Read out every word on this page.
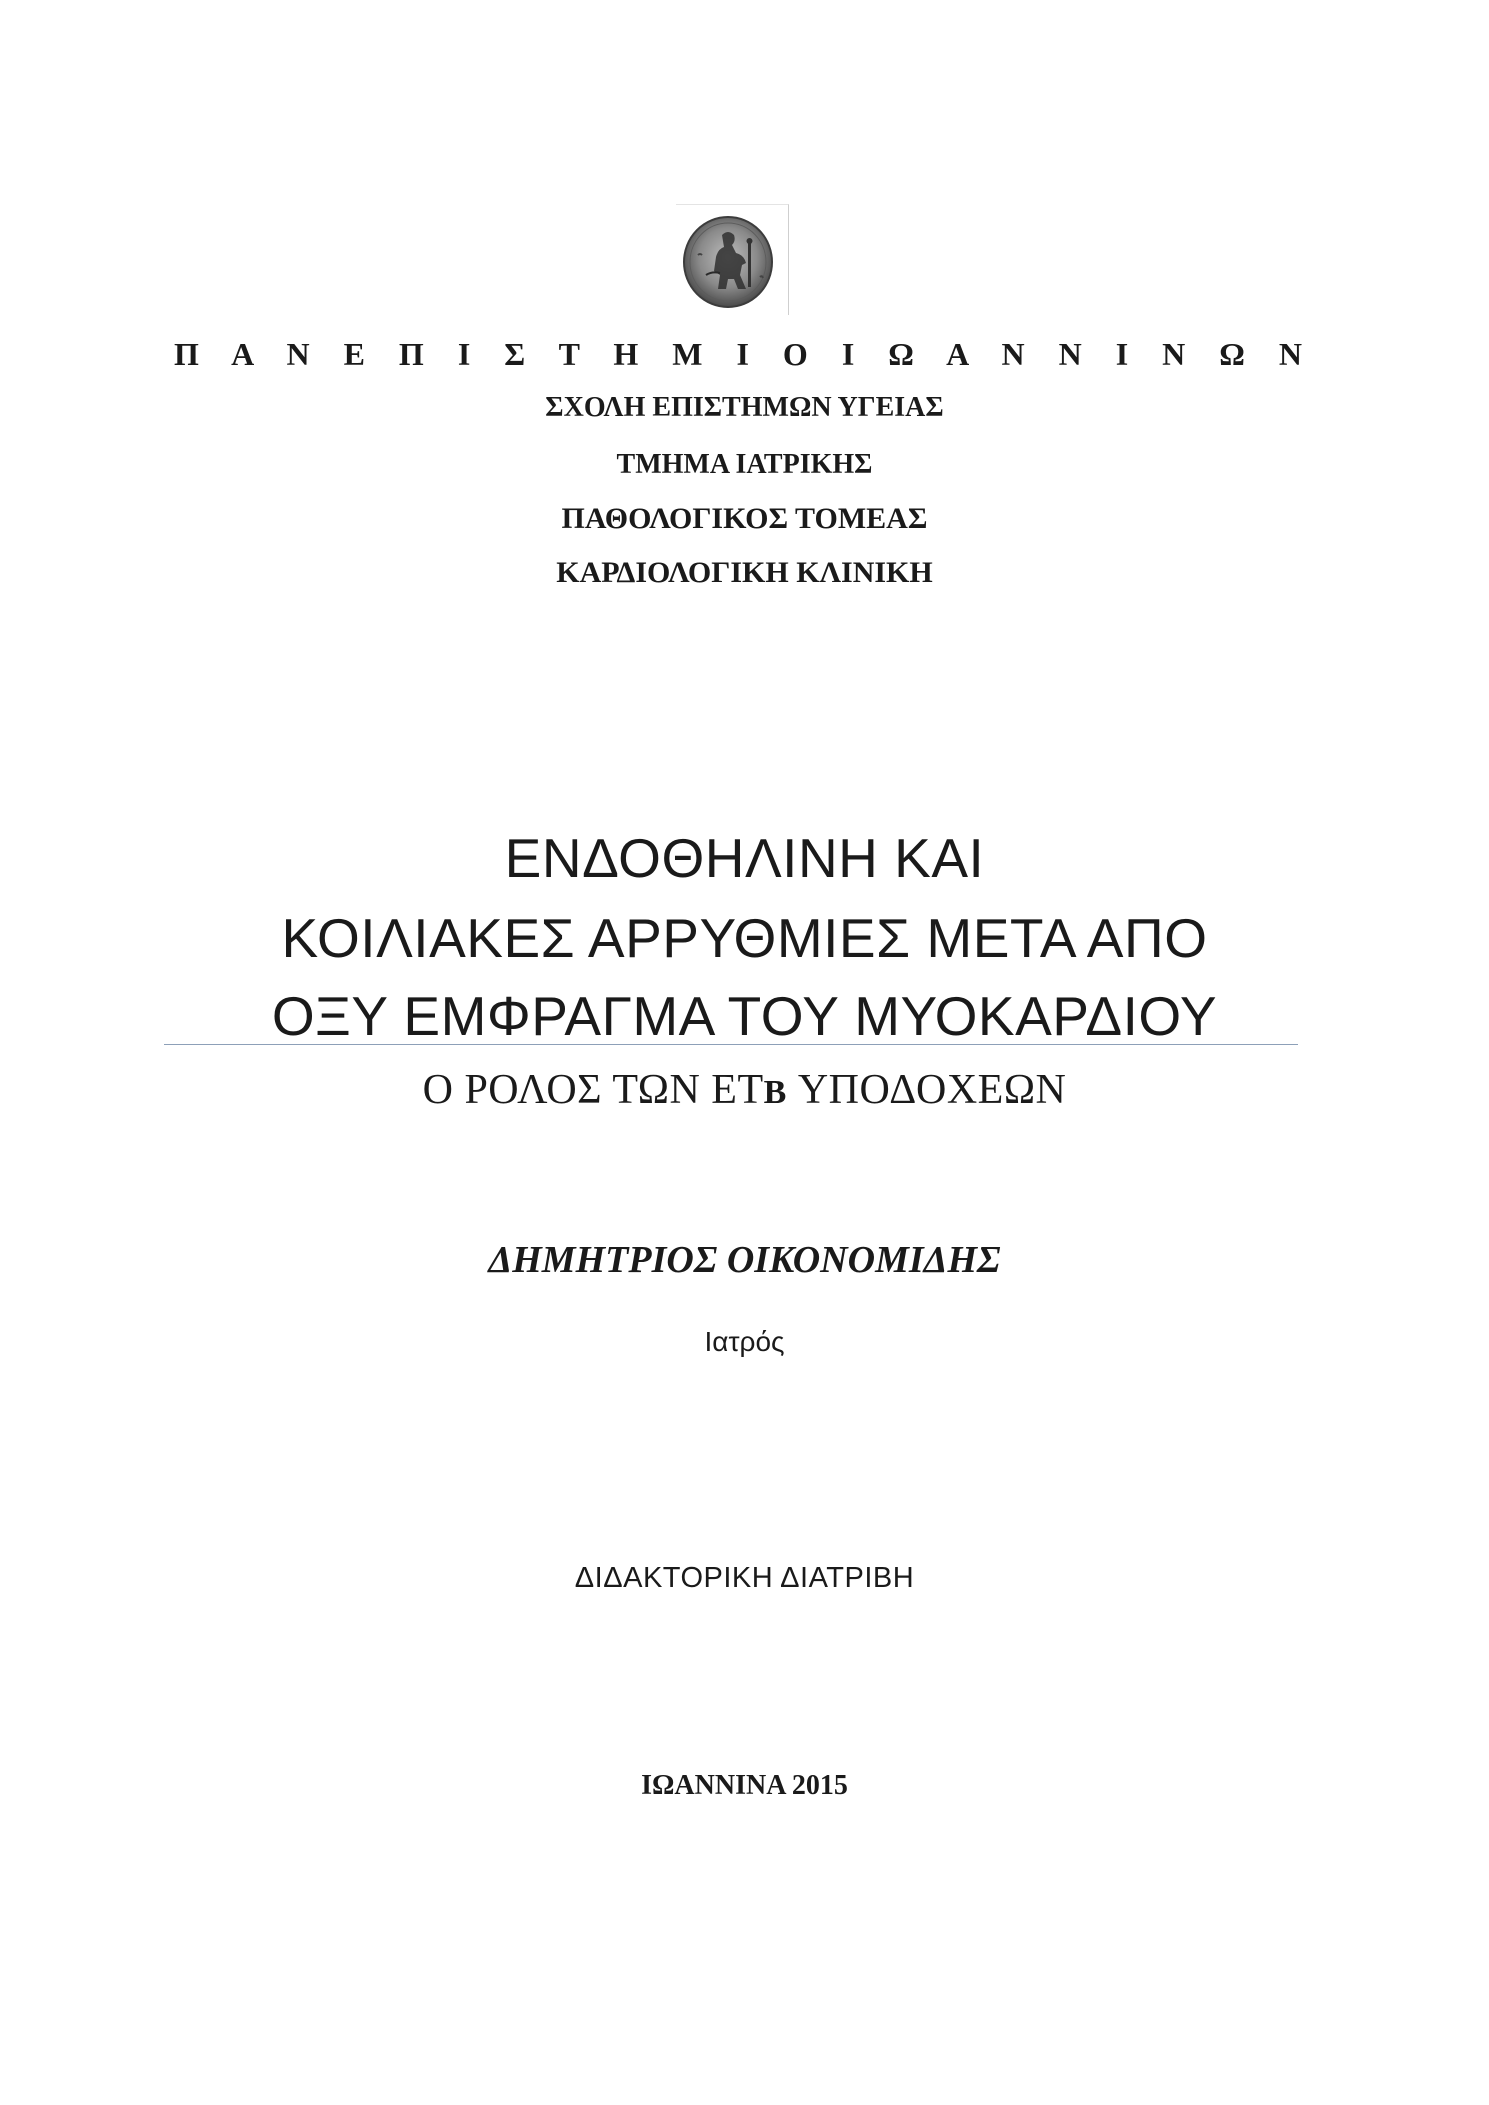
Π Α Ν Ε Π Ι Σ Τ Η Μ Ι Ο Ι Ω Α Ν Ν Ι Ν Ω Ν
ΣΧΟΛΗ ΕΠΙΣΤΗΜΩΝ ΥΓΕΙΑΣ
ΤΜΗΜΑ ΙΑΤΡΙΚΗΣ
ΠΑΘΟΛΟΓΙΚΟΣ ΤΟΜΕΑΣ
ΚΑΡΔΙΟΛΟΓΙΚΗ ΚΛΙΝΙΚΗ
ΕΝΔΟΘΗΛΙΝΗ ΚΑΙ
ΚΟΙΛΙΑΚΕΣ ΑΡΡΥΘΜΙΕΣ ΜΕΤΑ ΑΠΟ
ΟΞΥ ΕΜΦΡΑΓΜΑ ΤΟΥ ΜΥΟΚΑΡΔΙΟΥ
Ο ΡΟΛΟΣ ΤΩΝ ΕΤB ΥΠΟΔΟΧΕΩΝ
ΔΗΜΗΤΡΙΟΣ ΟΙΚΟΝΟΜΙΔΗΣ
Ιατρός
ΔΙΔΑΚΤΟΡΙΚΗ ΔΙΑΤΡΙΒΗ
ΙΩΑΝΝΙΝΑ 2015
